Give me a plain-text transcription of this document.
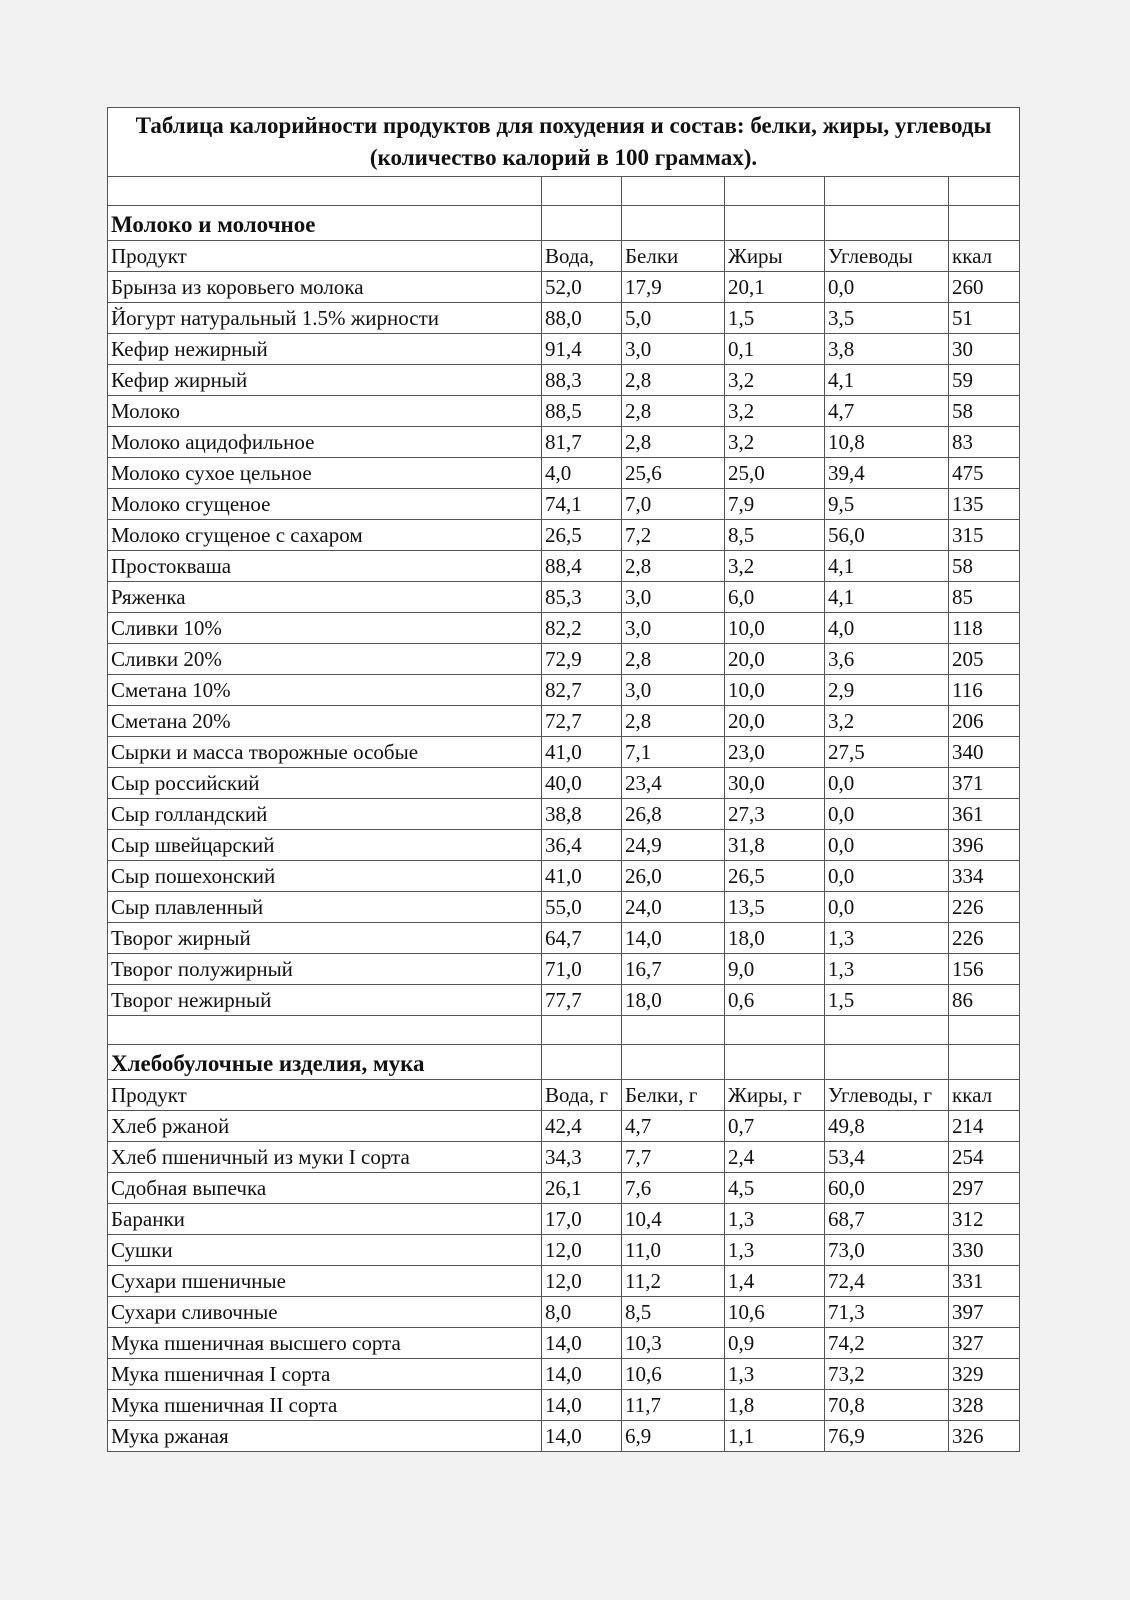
Таблица калорийности продуктов для похудения и состав: белки, жиры, углеводы (количество калорий в 100 граммах).					

Молоко и молочное					
Продукт	Вода,	Белки	Жиры	Углеводы	ккал
Брынза из коровьего молока	52,0	17,9	20,1	0,0	260
Йогурт натуральный 1.5% жирности	88,0	5,0	1,5	3,5	51
Кефир нежирный	91,4	3,0	0,1	3,8	30
Кефир жирный	88,3	2,8	3,2	4,1	59
Молоко	88,5	2,8	3,2	4,7	58
Молоко ацидофильное	81,7	2,8	3,2	10,8	83
Молоко сухое цельное	4,0	25,6	25,0	39,4	475
Молоко сгущеное	74,1	7,0	7,9	9,5	135
Молоко сгущеное с сахаром	26,5	7,2	8,5	56,0	315
Простокваша	88,4	2,8	3,2	4,1	58
Ряженка	85,3	3,0	6,0	4,1	85
Сливки 10%	82,2	3,0	10,0	4,0	118
Сливки 20%	72,9	2,8	20,0	3,6	205
Сметана 10%	82,7	3,0	10,0	2,9	116
Сметана 20%	72,7	2,8	20,0	3,2	206
Сырки и масса творожные особые	41,0	7,1	23,0	27,5	340
Сыр российский	40,0	23,4	30,0	0,0	371
Сыр голландский	38,8	26,8	27,3	0,0	361
Сыр швейцарский	36,4	24,9	31,8	0,0	396
Сыр пошехонский	41,0	26,0	26,5	0,0	334
Сыр плавленный	55,0	24,0	13,5	0,0	226
Творог жирный	64,7	14,0	18,0	1,3	226
Творог полужирный	71,0	16,7	9,0	1,3	156
Творог нежирный	77,7	18,0	0,6	1,5	86

Хлебобулочные изделия, мука					
Продукт	Вода, г	Белки, г	Жиры, г	Углеводы, г	ккал
Хлеб ржаной	42,4	4,7	0,7	49,8	214
Хлеб пшеничный из муки I сорта	34,3	7,7	2,4	53,4	254
Сдобная выпечка	26,1	7,6	4,5	60,0	297
Баранки	17,0	10,4	1,3	68,7	312
Сушки	12,0	11,0	1,3	73,0	330
Сухари пшеничные	12,0	11,2	1,4	72,4	331
Сухари сливочные	8,0	8,5	10,6	71,3	397
Мука пшеничная высшего сорта	14,0	10,3	0,9	74,2	327
Мука пшеничная I сорта	14,0	10,6	1,3	73,2	329
Мука пшеничная II сорта	14,0	11,7	1,8	70,8	328
Мука ржаная	14,0	6,9	1,1	76,9	326
